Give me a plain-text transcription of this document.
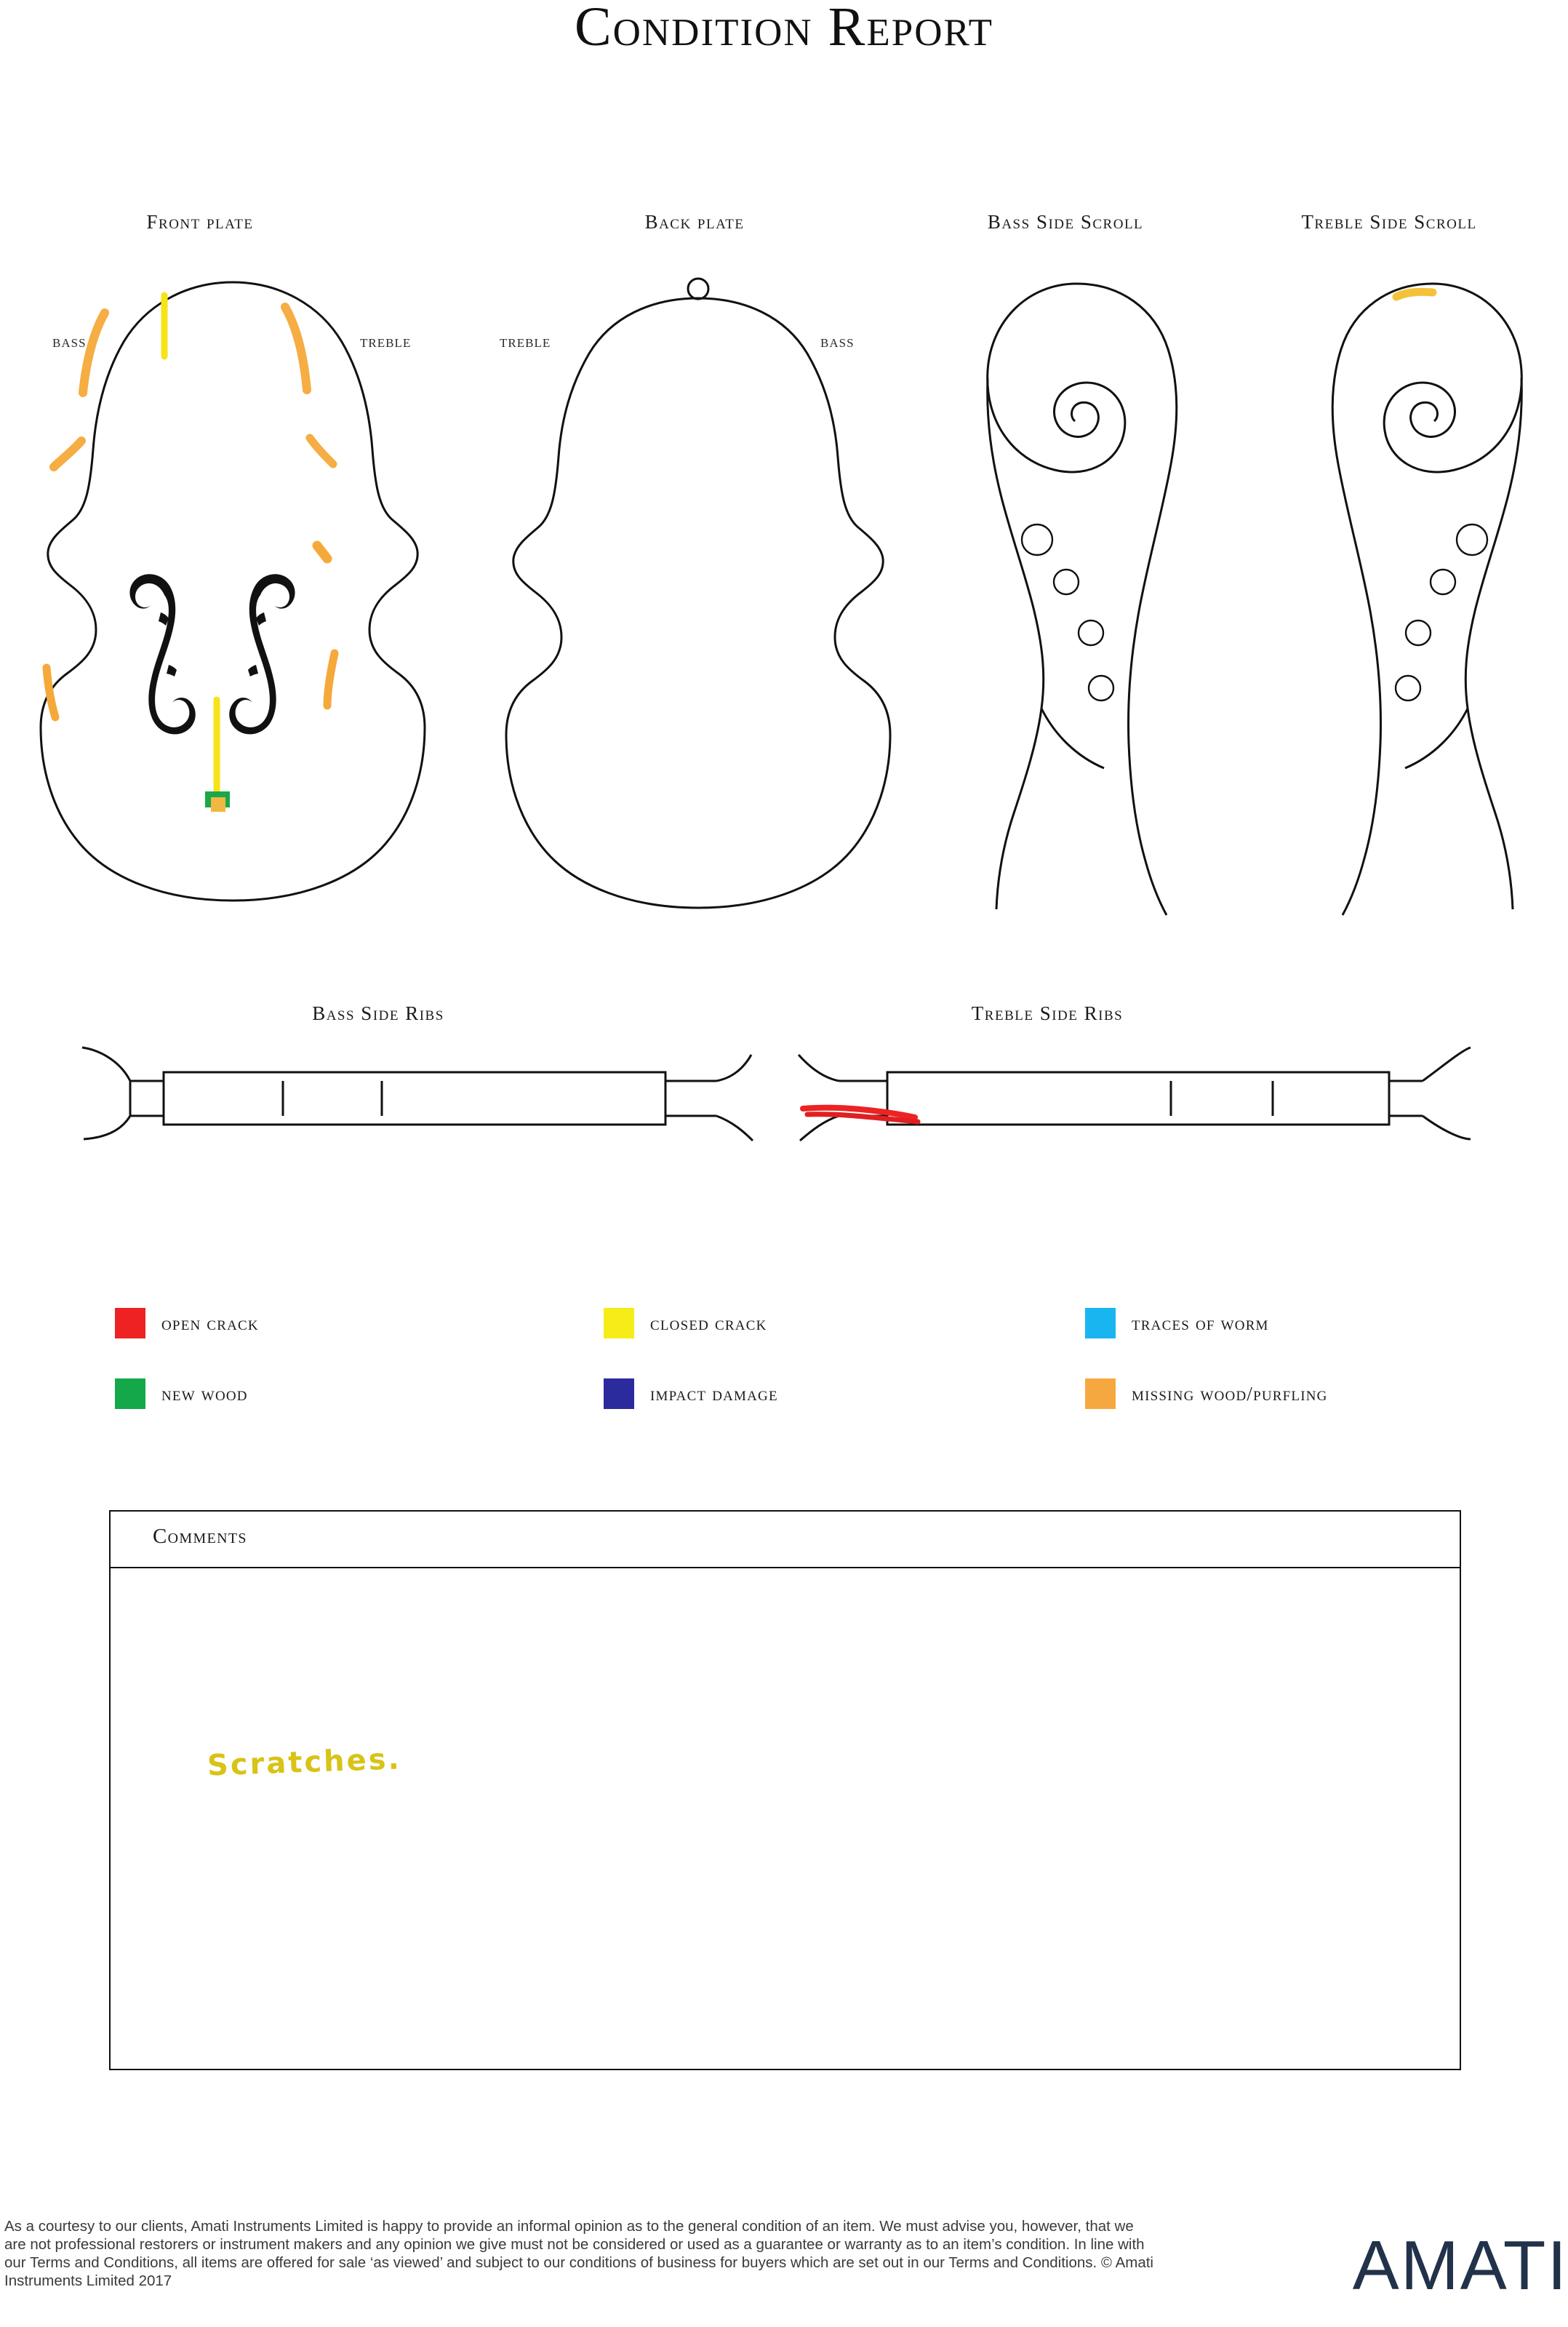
Condition Report
Front plate	Back plate	Bass Side Scroll	Treble Side Scroll
BASS	TREBLE	TREBLE	BASS
Bass Side Ribs	Treble Side Ribs
open crack	closed crack	traces of worm
new wood	impact damage	missing wood/purfling
Comments
Scratches.
As a courtesy to our clients, Amati Instruments Limited is happy to provide an informal opinion as to the general condition of an item. We must advise you, however, that we are not professional restorers or instrument makers and any opinion we give must not be considered or used as a guarantee or warranty as to an item’s condition. In line with our Terms and Conditions, all items are offered for sale ‘as viewed’ and subject to our conditions of business for buyers which are set out in our Terms and Conditions. © Amati Instruments Limited 2017	AMATI
